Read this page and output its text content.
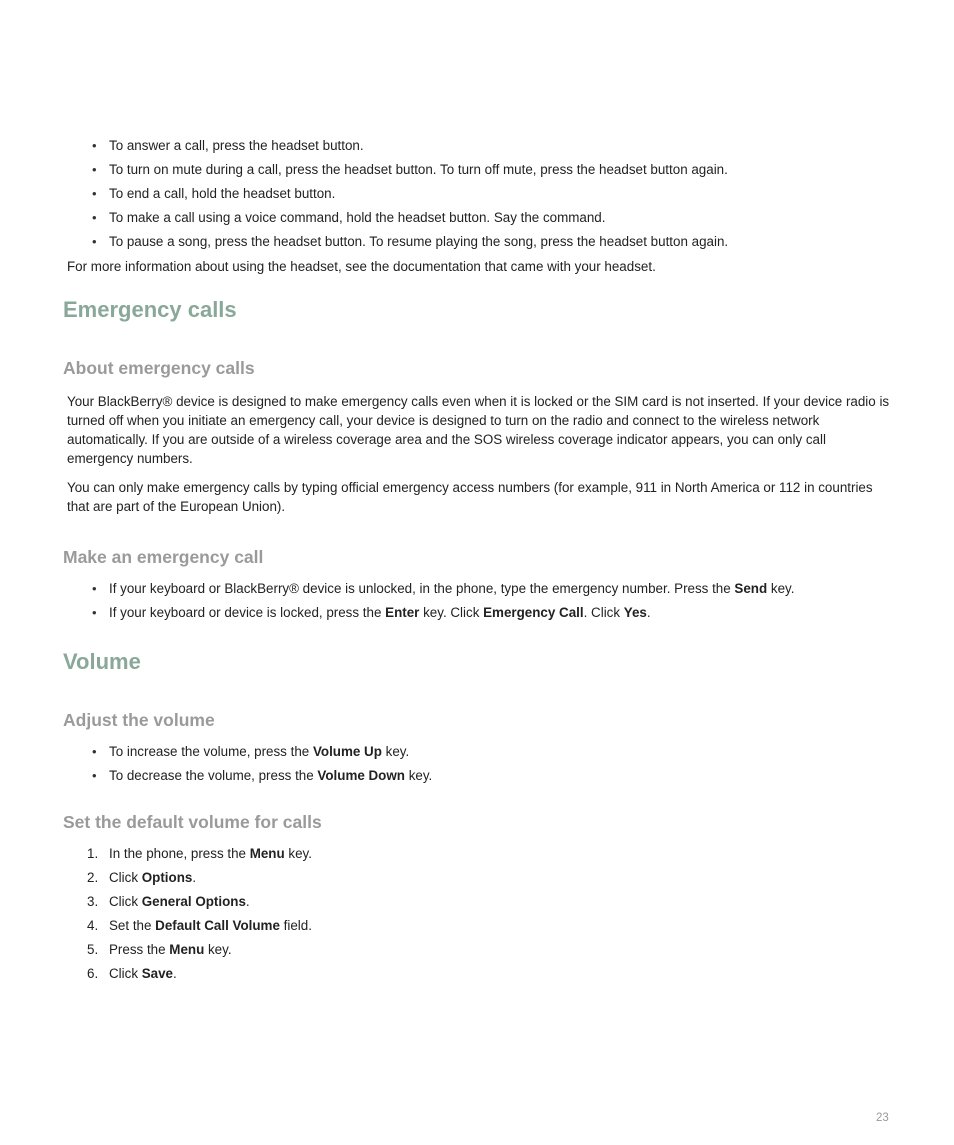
• To answer a call, press the headset button.
• To turn on mute during a call, press the headset button. To turn off mute, press the headset button again.
• To end a call, hold the headset button.
• To make a call using a voice command, hold the headset button. Say the command.
• To pause a song, press the headset button. To resume playing the song, press the headset button again.

For more information about using the headset, see the documentation that came with your headset.

Emergency calls
About emergency calls

Your BlackBerry® device is designed to make emergency calls even when it is locked or the SIM card is not inserted. If your device radio is turned off when you initiate an emergency call, your device is designed to turn on the radio and connect to the wireless network automatically. If you are outside of a wireless coverage area and the SOS wireless coverage indicator appears, you can only call emergency numbers.

You can only make emergency calls by typing official emergency access numbers (for example, 911 in North America or 112 in countries that are part of the European Union).

Make an emergency call
• If your keyboard or BlackBerry® device is unlocked, in the phone, type the emergency number. Press the Send key.
• If your keyboard or device is locked, press the Enter key. Click Emergency Call. Click Yes.
Volume
Adjust the volume
• To increase the volume, press the Volume Up key.
• To decrease the volume, press the Volume Down key.
Set the default volume for calls
1. In the phone, press the Menu key.
2. Click Options.
3. Click General Options.
4. Set the Default Call Volume field.
5. Press the Menu key.
6. Click Save.
23
